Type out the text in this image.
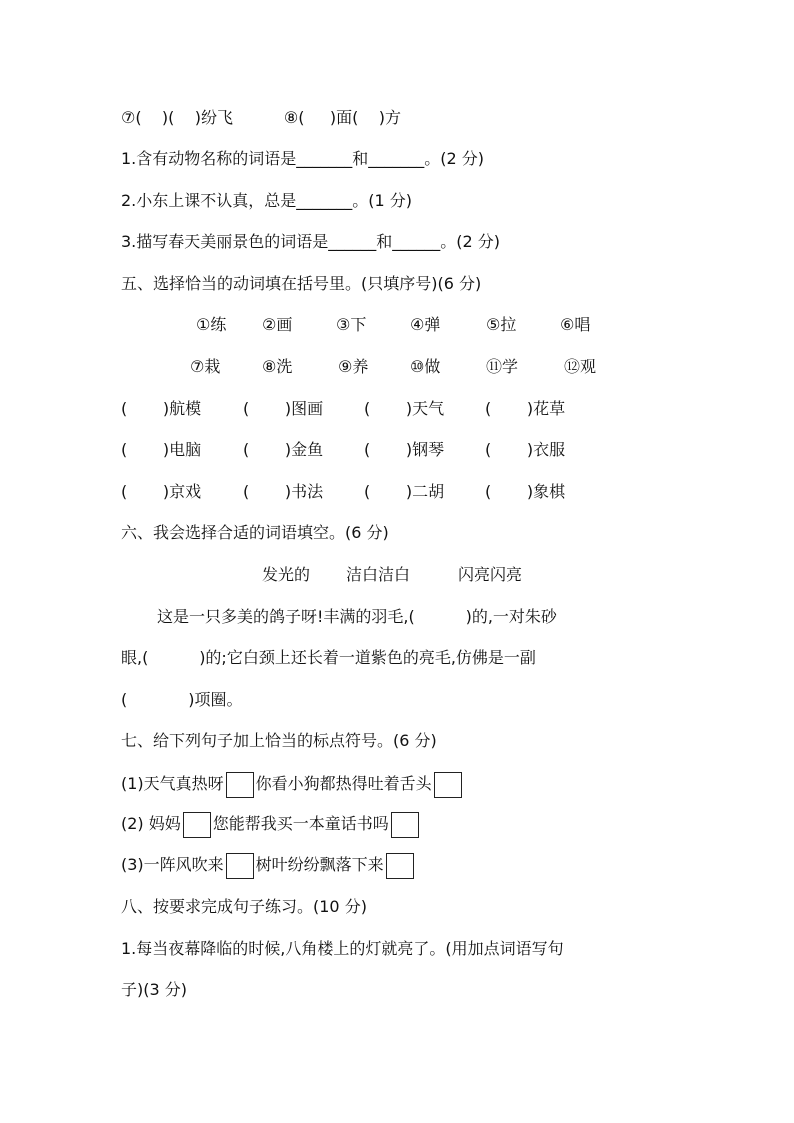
⑦(    )(    )纷飞          ⑧(     )面(    )方
1.含有动物名称的词语是_______和_______。(2 分)
2.小东上课不认真，总是_______。(1 分)
3.描写春天美丽景色的词语是______和______。(2 分)
五、选择恰当的动词填在括号里。(只填序号)(6 分)
①练 ②画	③下	④弹	⑤拉	⑥唱
⑦栽	⑧洗	⑨养	⑩做	⑪学	⑫观
(       )航模	(       )图画	(       )天气	(       )花草
(       )电脑	(       )金鱼	(       )钢琴	(       )衣服
(       )京戏	(       )书法	(       )二胡	(       )象棋
六、我会选择合适的词语填空。(6 分)
发光的 洁白洁白	闪亮闪亮
这是一只多美的鸽子呀!丰满的羽毛,(          )的,一对朱砂
眼,(          )的;它白颈上还长着一道紫色的亮毛,仿佛是一副
(            )项圈。
七、给下列句子加上恰当的标点符号。(6 分)
(1)天气真热呀 你看小狗都热得吐着舌头
(2) 妈妈 您能帮我买一本童话书吗
(3)一阵风吹来 树叶纷纷飘落下来
八、按要求完成句子练习。(10 分)
1.每当夜幕降临的时候,八角楼上的灯就亮了。(用加点词语写句
子)(3 分)
